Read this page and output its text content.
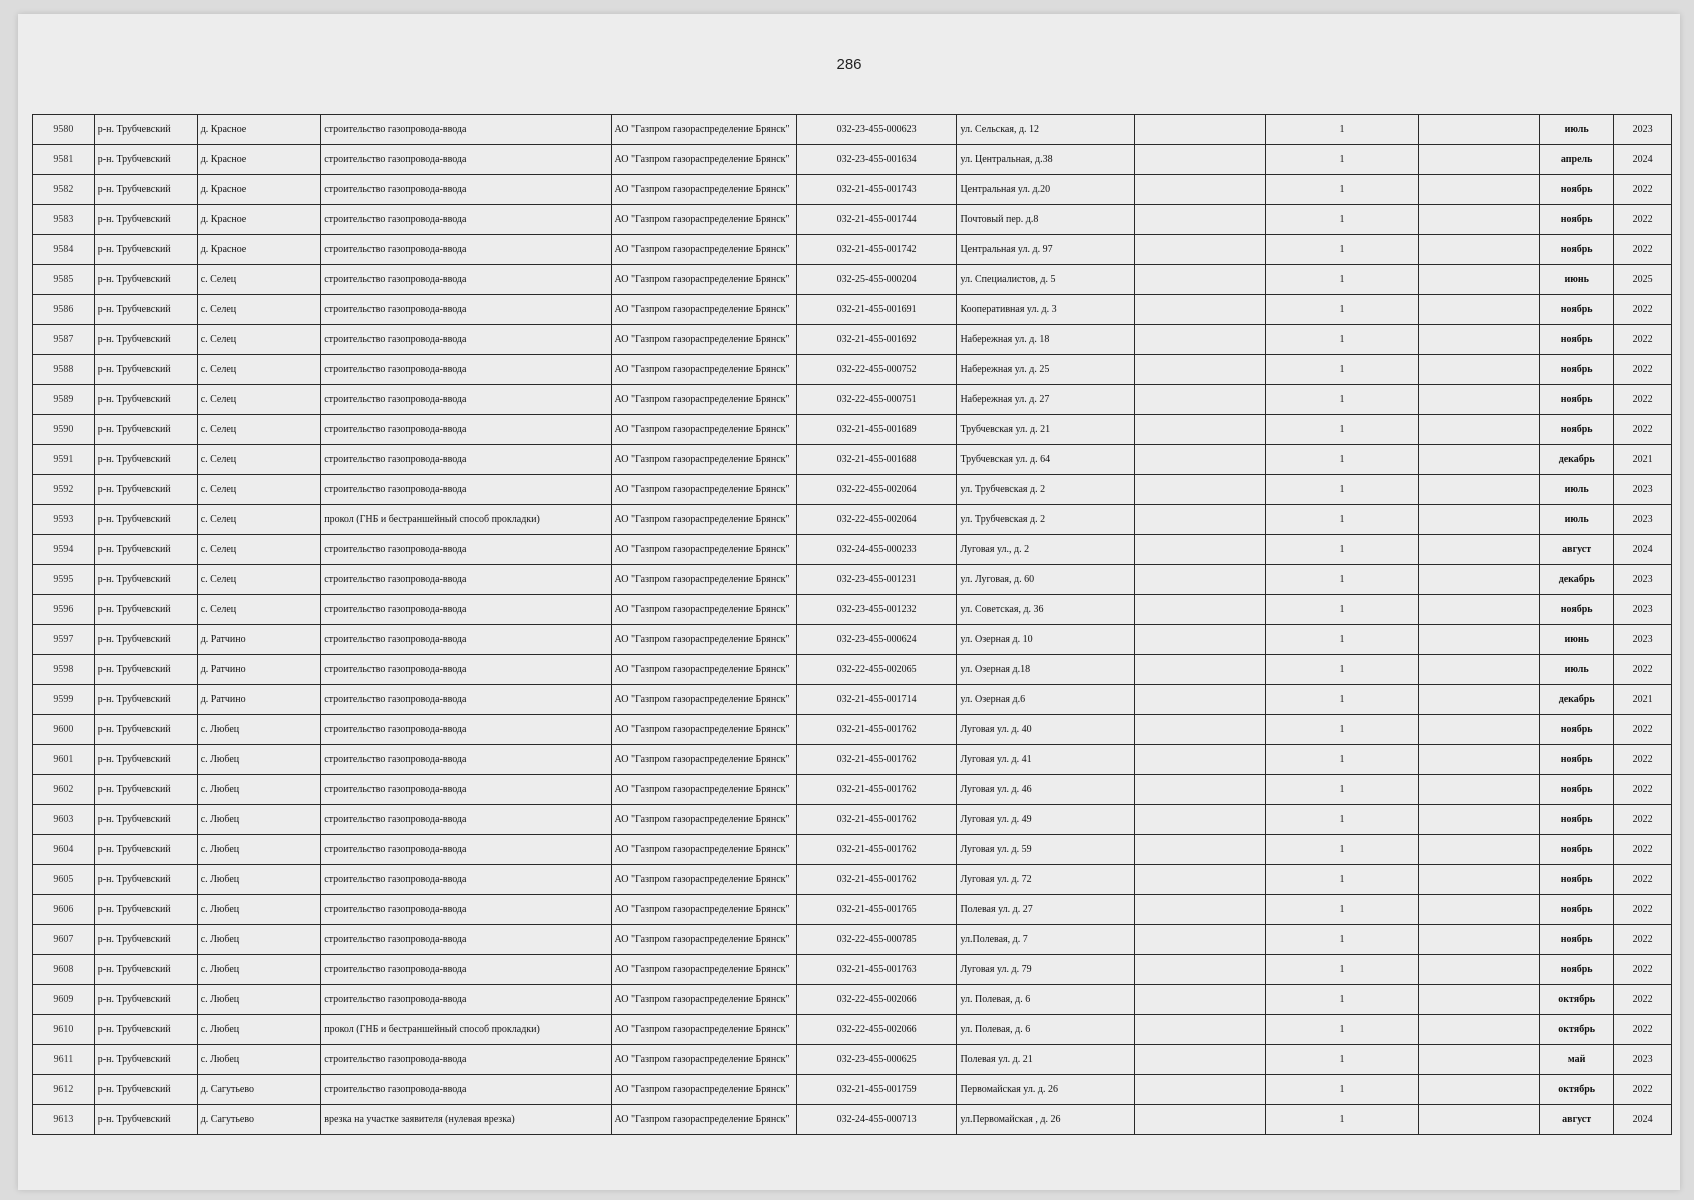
286
9580	р-н. Трубчевский	д. Красное	строительство газопровода-ввода	АО "Газпром газораспределение Брянск"	032-23-455-000623	ул. Сельская, д. 12		1		июль	2023
9581	р-н. Трубчевский	д. Красное	строительство газопровода-ввода	АО "Газпром газораспределение Брянск"	032-23-455-001634	ул. Центральная, д.38		1		апрель	2024
9582	р-н. Трубчевский	д. Красное	строительство газопровода-ввода	АО "Газпром газораспределение Брянск"	032-21-455-001743	Центральная ул. д.20		1		ноябрь	2022
9583	р-н. Трубчевский	д. Красное	строительство газопровода-ввода	АО "Газпром газораспределение Брянск"	032-21-455-001744	Почтовый пер. д.8		1		ноябрь	2022
9584	р-н. Трубчевский	д. Красное	строительство газопровода-ввода	АО "Газпром газораспределение Брянск"	032-21-455-001742	Центральная ул. д. 97		1		ноябрь	2022
9585	р-н. Трубчевский	с. Селец	строительство газопровода-ввода	АО "Газпром газораспределение Брянск"	032-25-455-000204	ул. Специалистов, д. 5		1		июнь	2025
9586	р-н. Трубчевский	с. Селец	строительство газопровода-ввода	АО "Газпром газораспределение Брянск"	032-21-455-001691	Кооперативная ул. д. 3		1		ноябрь	2022
9587	р-н. Трубчевский	с. Селец	строительство газопровода-ввода	АО "Газпром газораспределение Брянск"	032-21-455-001692	Набережная ул. д. 18		1		ноябрь	2022
9588	р-н. Трубчевский	с. Селец	строительство газопровода-ввода	АО "Газпром газораспределение Брянск"	032-22-455-000752	Набережная ул. д. 25		1		ноябрь	2022
9589	р-н. Трубчевский	с. Селец	строительство газопровода-ввода	АО "Газпром газораспределение Брянск"	032-22-455-000751	Набережная ул. д. 27		1		ноябрь	2022
9590	р-н. Трубчевский	с. Селец	строительство газопровода-ввода	АО "Газпром газораспределение Брянск"	032-21-455-001689	Трубчевская ул. д. 21		1		ноябрь	2022
9591	р-н. Трубчевский	с. Селец	строительство газопровода-ввода	АО "Газпром газораспределение Брянск"	032-21-455-001688	Трубчевская ул. д. 64		1		декабрь	2021
9592	р-н. Трубчевский	с. Селец	строительство газопровода-ввода	АО "Газпром газораспределение Брянск"	032-22-455-002064	ул. Трубчевская д. 2		1		июль	2023
9593	р-н. Трубчевский	с. Селец	прокол (ГНБ и бестраншейный способ прокладки)	АО "Газпром газораспределение Брянск"	032-22-455-002064	ул. Трубчевская д. 2		1		июль	2023
9594	р-н. Трубчевский	с. Селец	строительство газопровода-ввода	АО "Газпром газораспределение Брянск"	032-24-455-000233	Луговая ул., д. 2		1		август	2024
9595	р-н. Трубчевский	с. Селец	строительство газопровода-ввода	АО "Газпром газораспределение Брянск"	032-23-455-001231	ул. Луговая, д. 60		1		декабрь	2023
9596	р-н. Трубчевский	с. Селец	строительство газопровода-ввода	АО "Газпром газораспределение Брянск"	032-23-455-001232	ул. Советская, д. 36		1		ноябрь	2023
9597	р-н. Трубчевский	д. Ратчино	строительство газопровода-ввода	АО "Газпром газораспределение Брянск"	032-23-455-000624	ул. Озерная д. 10		1		июнь	2023
9598	р-н. Трубчевский	д. Ратчино	строительство газопровода-ввода	АО "Газпром газораспределение Брянск"	032-22-455-002065	ул. Озерная д.18		1		июль	2022
9599	р-н. Трубчевский	д. Ратчино	строительство газопровода-ввода	АО "Газпром газораспределение Брянск"	032-21-455-001714	ул. Озерная д.6		1		декабрь	2021
9600	р-н. Трубчевский	с. Любец	строительство газопровода-ввода	АО "Газпром газораспределение Брянск"	032-21-455-001762	Луговая ул. д. 40		1		ноябрь	2022
9601	р-н. Трубчевский	с. Любец	строительство газопровода-ввода	АО "Газпром газораспределение Брянск"	032-21-455-001762	Луговая ул. д. 41		1		ноябрь	2022
9602	р-н. Трубчевский	с. Любец	строительство газопровода-ввода	АО "Газпром газораспределение Брянск"	032-21-455-001762	Луговая ул. д. 46		1		ноябрь	2022
9603	р-н. Трубчевский	с. Любец	строительство газопровода-ввода	АО "Газпром газораспределение Брянск"	032-21-455-001762	Луговая ул. д. 49		1		ноябрь	2022
9604	р-н. Трубчевский	с. Любец	строительство газопровода-ввода	АО "Газпром газораспределение Брянск"	032-21-455-001762	Луговая ул. д. 59		1		ноябрь	2022
9605	р-н. Трубчевский	с. Любец	строительство газопровода-ввода	АО "Газпром газораспределение Брянск"	032-21-455-001762	Луговая ул. д. 72		1		ноябрь	2022
9606	р-н. Трубчевский	с. Любец	строительство газопровода-ввода	АО "Газпром газораспределение Брянск"	032-21-455-001765	Полевая ул. д. 27		1		ноябрь	2022
9607	р-н. Трубчевский	с. Любец	строительство газопровода-ввода	АО "Газпром газораспределение Брянск"	032-22-455-000785	ул.Полевая, д. 7		1		ноябрь	2022
9608	р-н. Трубчевский	с. Любец	строительство газопровода-ввода	АО "Газпром газораспределение Брянск"	032-21-455-001763	Луговая ул. д. 79		1		ноябрь	2022
9609	р-н. Трубчевский	с. Любец	строительство газопровода-ввода	АО "Газпром газораспределение Брянск"	032-22-455-002066	ул. Полевая, д. 6		1		октябрь	2022
9610	р-н. Трубчевский	с. Любец	прокол (ГНБ и бестраншейный способ прокладки)	АО "Газпром газораспределение Брянск"	032-22-455-002066	ул. Полевая, д. 6		1		октябрь	2022
9611	р-н. Трубчевский	с. Любец	строительство газопровода-ввода	АО "Газпром газораспределение Брянск"	032-23-455-000625	Полевая ул. д. 21		1		май	2023
9612	р-н. Трубчевский	д. Сагутьево	строительство газопровода-ввода	АО "Газпром газораспределение Брянск"	032-21-455-001759	Первомайская ул. д. 26		1		октябрь	2022
9613	р-н. Трубчевский	д. Сагутьево	врезка на участке заявителя (нулевая врезка)	АО "Газпром газораспределение Брянск"	032-24-455-000713	ул.Первомайская , д. 26		1		август	2024
